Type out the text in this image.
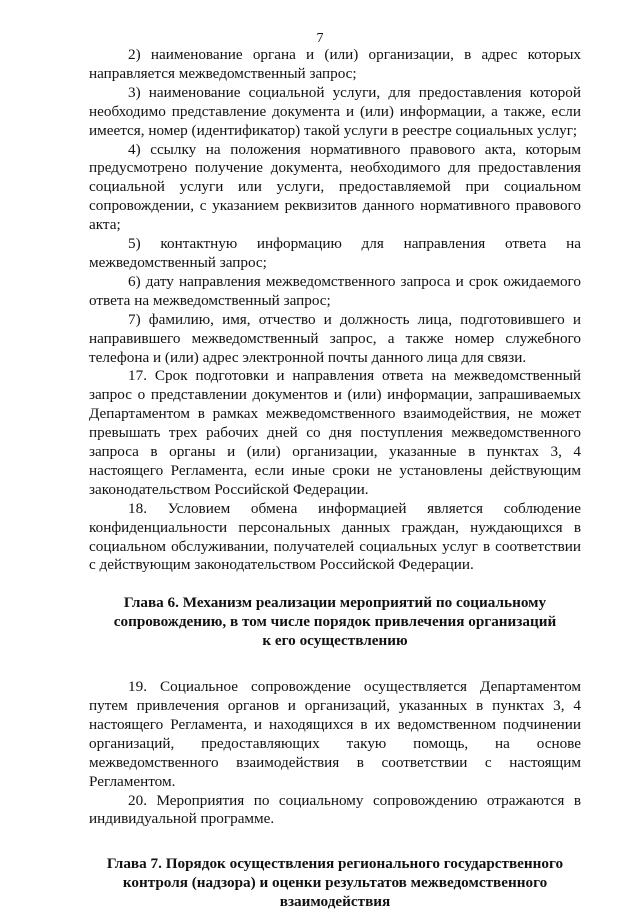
7

2) наименование органа и (или) организации, в адрес которых направляется межведомственный запрос;

3) наименование социальной услуги, для предоставления которой необходимо представление документа и (или) информации, а также, если имеется, номер (идентификатор) такой услуги в реестре социальных услуг;

4) ссылку на положения нормативного правового акта, которым предусмотрено получение документа, необходимого для предоставления социальной услуги или услуги, предоставляемой при социальном сопровождении, с указанием реквизитов данного нормативного правового акта;

5) контактную информацию для направления ответа на межведомственный запрос;

6) дату направления межведомственного запроса и срок ожидаемого ответа на межведомственный запрос;

7) фамилию, имя, отчество и должность лица, подготовившего и направившего межведомственный запрос, а также номер служебного телефона и (или) адрес электронной почты данного лица для связи.

17. Срок подготовки и направления ответа на межведомственный запрос о представлении документов и (или) информации, запрашиваемых Департаментом в рамках межведомственного взаимодействия, не может превышать трех рабочих дней со дня поступления межведомственного запроса в органы и (или) организации, указанные в пунктах 3, 4 настоящего Регламента, если иные сроки не установлены действующим законодательством Российской Федерации.

18. Условием обмена информацией является соблюдение конфиденциальности персональных данных граждан, нуждающихся в социальном обслуживании, получателей социальных услуг в соответствии с действующим законодательством Российской Федерации.

Глава 6. Механизм реализации мероприятий по социальному
сопровождению, в том числе порядок привлечения организаций
к его осуществлению

19. Социальное сопровождение осуществляется Департаментом путем привлечения органов и организаций, указанных в пунктах 3, 4 настоящего Регламента, и находящихся в их ведомственном подчинении организаций, предоставляющих такую помощь, на основе межведомственного взаимодействия в соответствии с настоящим Регламентом.

20. Мероприятия по социальному сопровождению отражаются в индивидуальной программе.

Глава 7. Порядок осуществления регионального государственного
контроля (надзора) и оценки результатов межведомственного
взаимодействия
